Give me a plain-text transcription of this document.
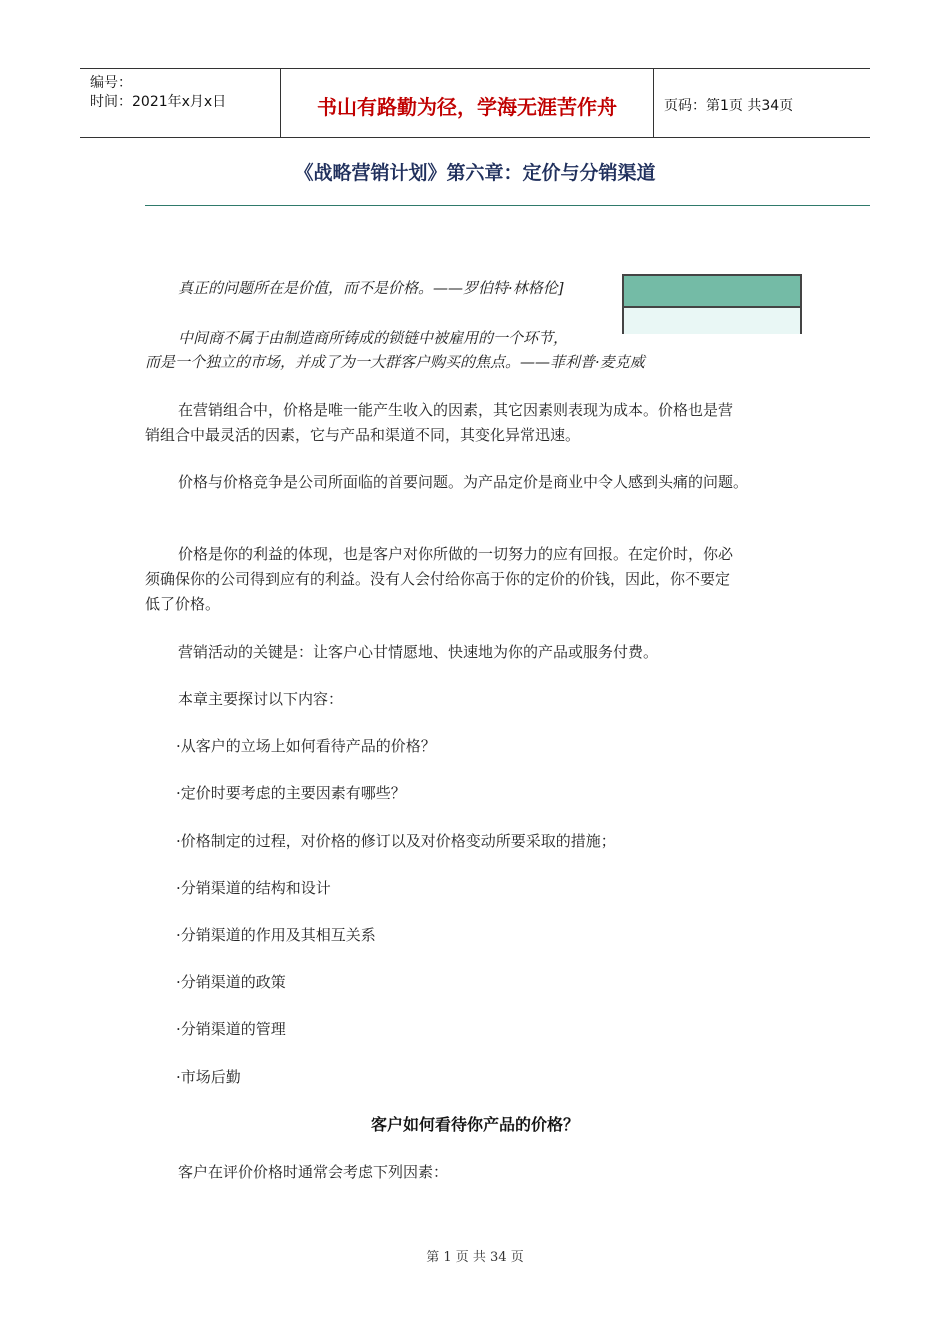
编号：
时间：2021年x月x日	书山有路勤为径，学海无涯苦作舟	页码：第1页 共34页
《战略营销计划》第六章：定价与分销渠道
真正的问题所在是价值，而不是价格。——罗伯特·林格伦]
中间商不属于由制造商所铸成的锁链中被雇用的一个环节，
而是一个独立的市场，并成了为一大群客户购买的焦点。——菲利普·麦克威
在营销组合中，价格是唯一能产生收入的因素，其它因素则表现为成本。价格也是营
销组合中最灵活的因素，它与产品和渠道不同，其变化异常迅速。
价格与价格竞争是公司所面临的首要问题。为产品定价是商业中令人感到头痛的问题。
价格是你的利益的体现，也是客户对你所做的一切努力的应有回报。在定价时，你必
须确保你的公司得到应有的利益。没有人会付给你高于你的定价的价钱，因此，你不要定
低了价格。
营销活动的关键是：让客户心甘情愿地、快速地为你的产品或服务付费。
本章主要探讨以下内容：
·从客户的立场上如何看待产品的价格？
·定价时要考虑的主要因素有哪些？
·价格制定的过程，对价格的修订以及对价格变动所要采取的措施；
·分销渠道的结构和设计
·分销渠道的作用及其相互关系
·分销渠道的政策
·分销渠道的管理
·市场后勤
客户如何看待你产品的价格？
客户在评价价格时通常会考虑下列因素：
第 1 页 共 34 页
